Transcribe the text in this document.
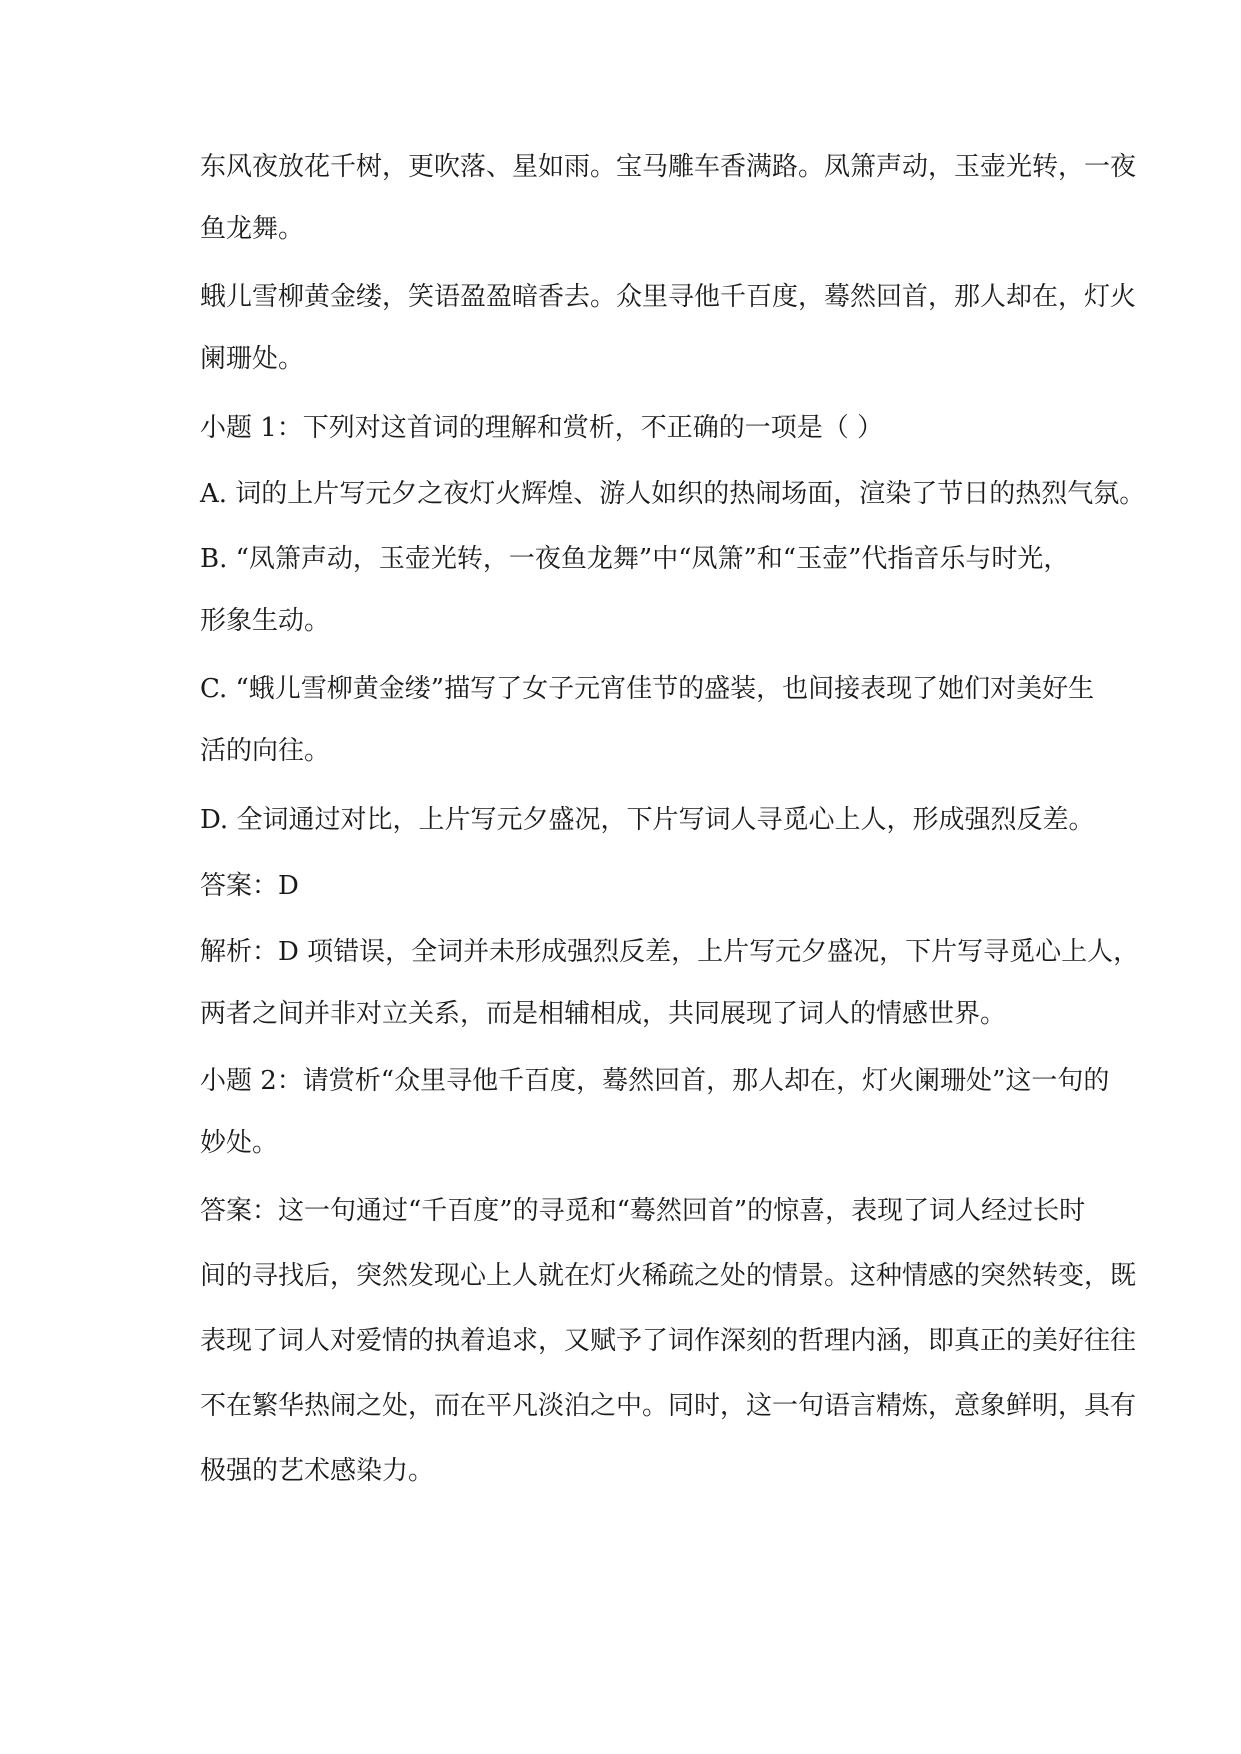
东风夜放花千树，更吹落、星如雨。宝马雕车香满路。凤箫声动，玉壶光转，一夜
鱼龙舞。
蛾儿雪柳黄金缕，笑语盈盈暗香去。众里寻他千百度，蓦然回首，那人却在，灯火
阑珊处。
小题 1：下列对这首词的理解和赏析，不正确的一项是（ ）
A. 词的上片写元夕之夜灯火辉煌、游人如织的热闹场面，渲染了节日的热烈气氛。
B. “凤箫声动，玉壶光转，一夜鱼龙舞”中“凤箫”和“玉壶”代指音乐与时光，
形象生动。
C. “蛾儿雪柳黄金缕”描写了女子元宵佳节的盛装，也间接表现了她们对美好生
活的向往。
D. 全词通过对比，上片写元夕盛况，下片写词人寻觅心上人，形成强烈反差。
答案：D
解析：D 项错误，全词并未形成强烈反差，上片写元夕盛况，下片写寻觅心上人，
两者之间并非对立关系，而是相辅相成，共同展现了词人的情感世界。
小题 2：请赏析“众里寻他千百度，蓦然回首，那人却在，灯火阑珊处”这一句的
妙处。
答案：这一句通过“千百度”的寻觅和“蓦然回首”的惊喜，表现了词人经过长时
间的寻找后，突然发现心上人就在灯火稀疏之处的情景。这种情感的突然转变，既
表现了词人对爱情的执着追求，又赋予了词作深刻的哲理内涵，即真正的美好往往
不在繁华热闹之处，而在平凡淡泊之中。同时，这一句语言精炼，意象鲜明，具有
极强的艺术感染力。
